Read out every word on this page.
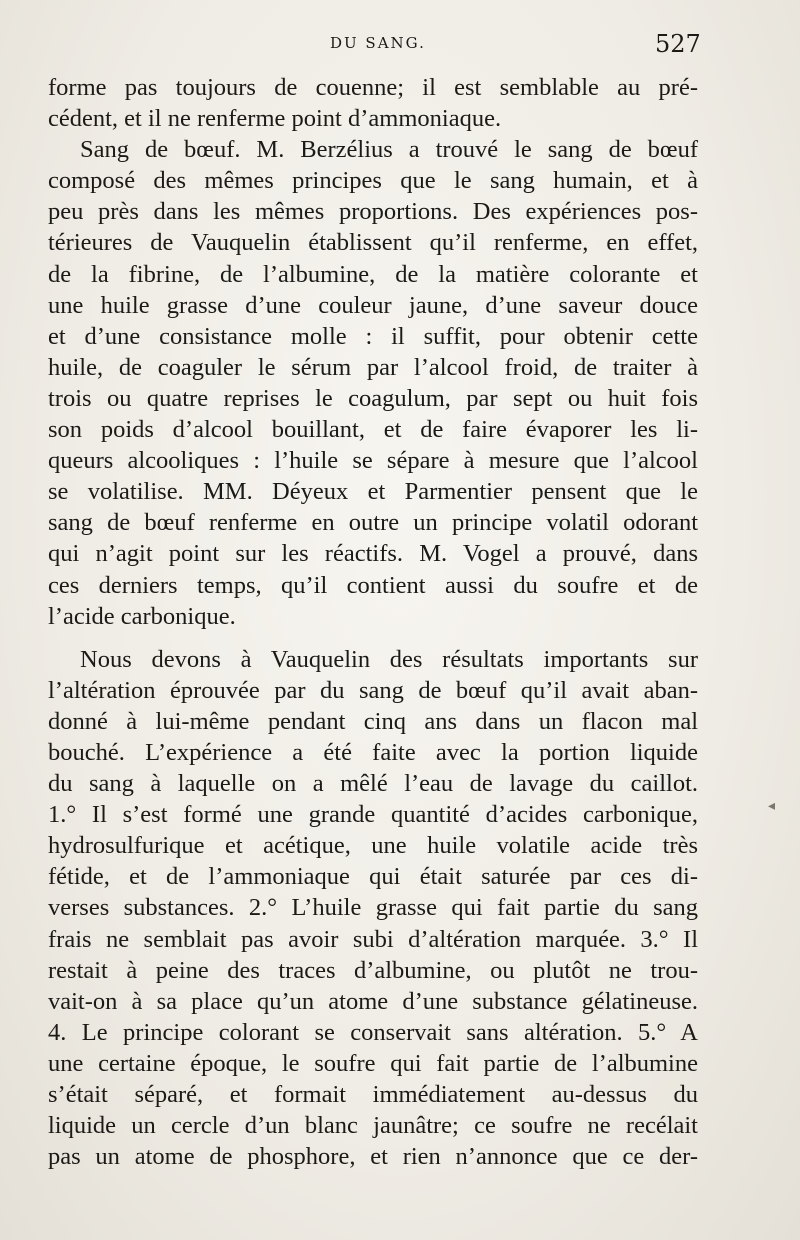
DU SANG.	527
forme pas toujours de couenne; il est semblable au pré-
cédent, et il ne renferme point d’ammoniaque.
Sang de bœuf. M. Berzélius a trouvé le sang de bœuf
composé des mêmes principes que le sang humain, et à
peu près dans les mêmes proportions. Des expériences pos-
térieures de Vauquelin établissent qu’il renferme, en effet,
de la fibrine, de l’albumine, de la matière colorante et
une huile grasse d’une couleur jaune, d’une saveur douce
et d’une consistance molle : il suffit, pour obtenir cette
huile, de coaguler le sérum par l’alcool froid, de traiter à
trois ou quatre reprises le coagulum, par sept ou huit fois
son poids d’alcool bouillant, et de faire évaporer les li-
queurs alcooliques : l’huile se sépare à mesure que l’alcool
se volatilise. MM. Déyeux et Parmentier pensent que le
sang de bœuf renferme en outre un principe volatil odorant
qui n’agit point sur les réactifs. M. Vogel a prouvé, dans
ces derniers temps, qu’il contient aussi du soufre et de
l’acide carbonique.
Nous devons à Vauquelin des résultats importants sur
l’altération éprouvée par du sang de bœuf qu’il avait aban-
donné à lui-même pendant cinq ans dans un flacon mal
bouché. L’expérience a été faite avec la portion liquide
du sang à laquelle on a mêlé l’eau de lavage du caillot.
1.° Il s’est formé une grande quantité d’acides carbonique,
hydrosulfurique et acétique, une huile volatile acide très
fétide, et de l’ammoniaque qui était saturée par ces di-
verses substances. 2.° L’huile grasse qui fait partie du sang
frais ne semblait pas avoir subi d’altération marquée. 3.° Il
restait à peine des traces d’albumine, ou plutôt ne trou-
vait-on à sa place qu’un atome d’une substance gélatineuse.
4. Le principe colorant se conservait sans altération. 5.° A
une certaine époque, le soufre qui fait partie de l’albumine
s’était séparé, et formait immédiatement au-dessus du
liquide un cercle d’un blanc jaunâtre; ce soufre ne recélait
pas un atome de phosphore, et rien n’annonce que ce der-
◂
